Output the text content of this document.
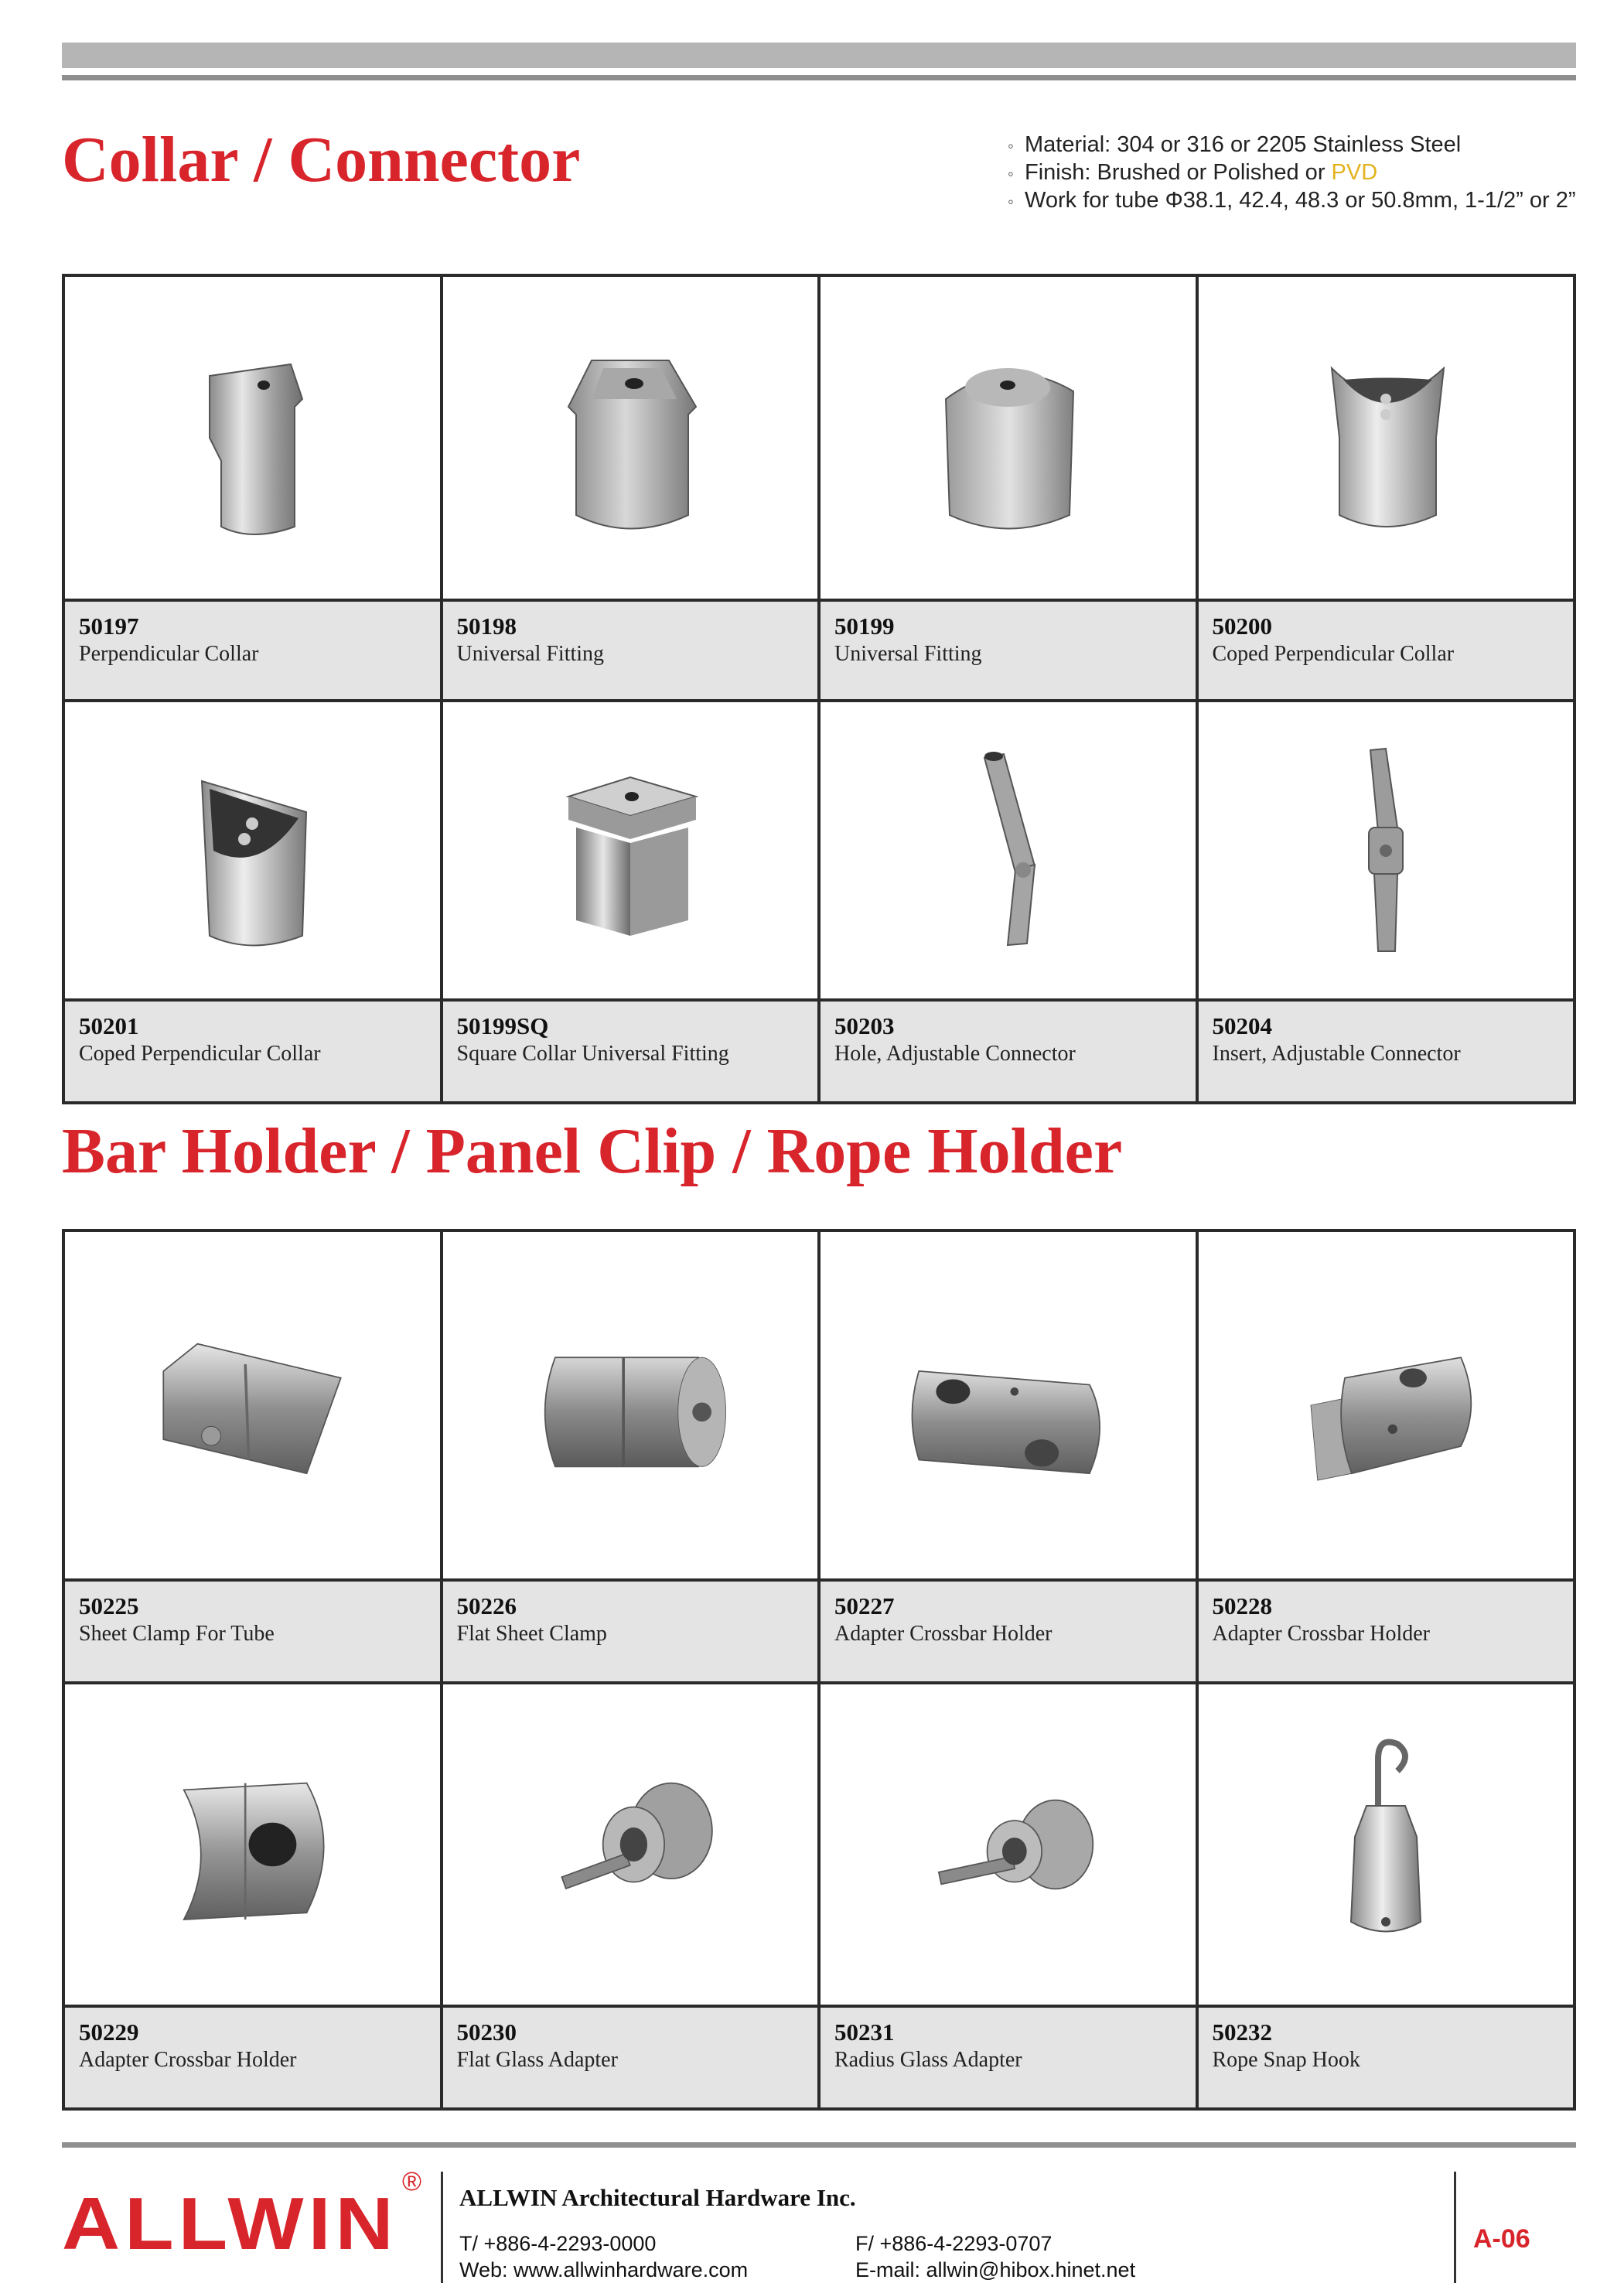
Collar / Connector	◦ Material: 304 or 316 or 2205 Stainless Steel
◦ Finish: Brushed or Polished or PVD
◦ Work for tube Φ38.1, 42.4, 48.3 or 50.8mm, 1-1/2” or 2”
50197
Perpendicular Collar
50198
Universal Fitting
50199
Universal Fitting
50200
Coped Perpendicular Collar
50201
Coped Perpendicular Collar
50199SQ
Square Collar Universal Fitting
50203
Hole, Adjustable Connector
50204
Insert, Adjustable Connector
Bar Holder / Panel Clip / Rope Holder
50225
Sheet Clamp For Tube
50226
Flat Sheet Clamp
50227
Adapter Crossbar Holder
50228
Adapter Crossbar Holder
50229
Adapter Crossbar Holder
50230
Flat Glass Adapter
50231
Radius Glass Adapter
50232
Rope Snap Hook
ALLWIN
®
ALLWIN Architectural Hardware Inc.
T/ +886-4-2293-0000
Web: www.allwinhardware.com
F/ +886-4-2293-0707
E-mail: allwin@hibox.hinet.net
A-06
